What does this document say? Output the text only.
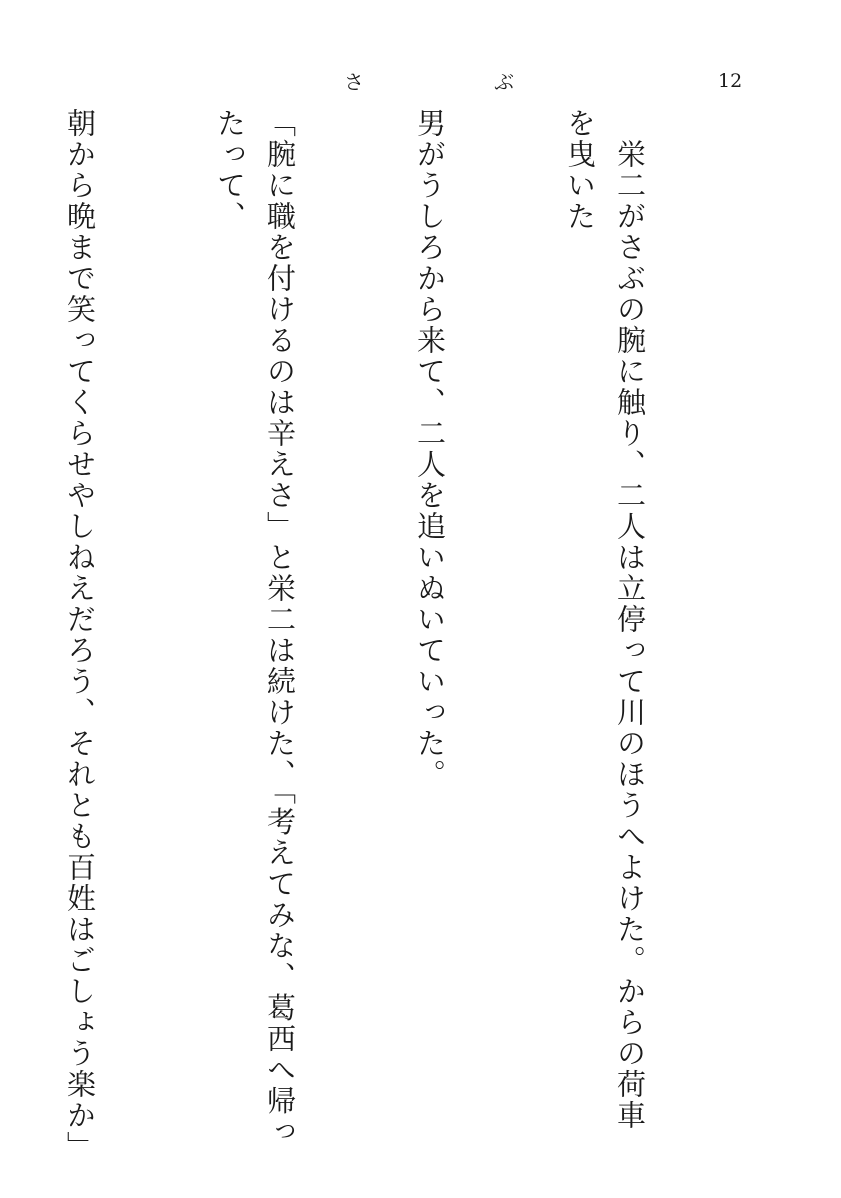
さ	ぶ	12

　栄二がさぶの腕に触り、二人は立停って川のほうへよけた。からの荷車を曳いた

男がうしろから来て、二人を追いぬいていった。

「腕に職を付けるのは辛えさ」と栄二は続けた、「考えてみな、葛西へ帰ったって、

朝から晩まで笑ってくらせやしねえだろう、それとも百姓はごしょう楽か」
